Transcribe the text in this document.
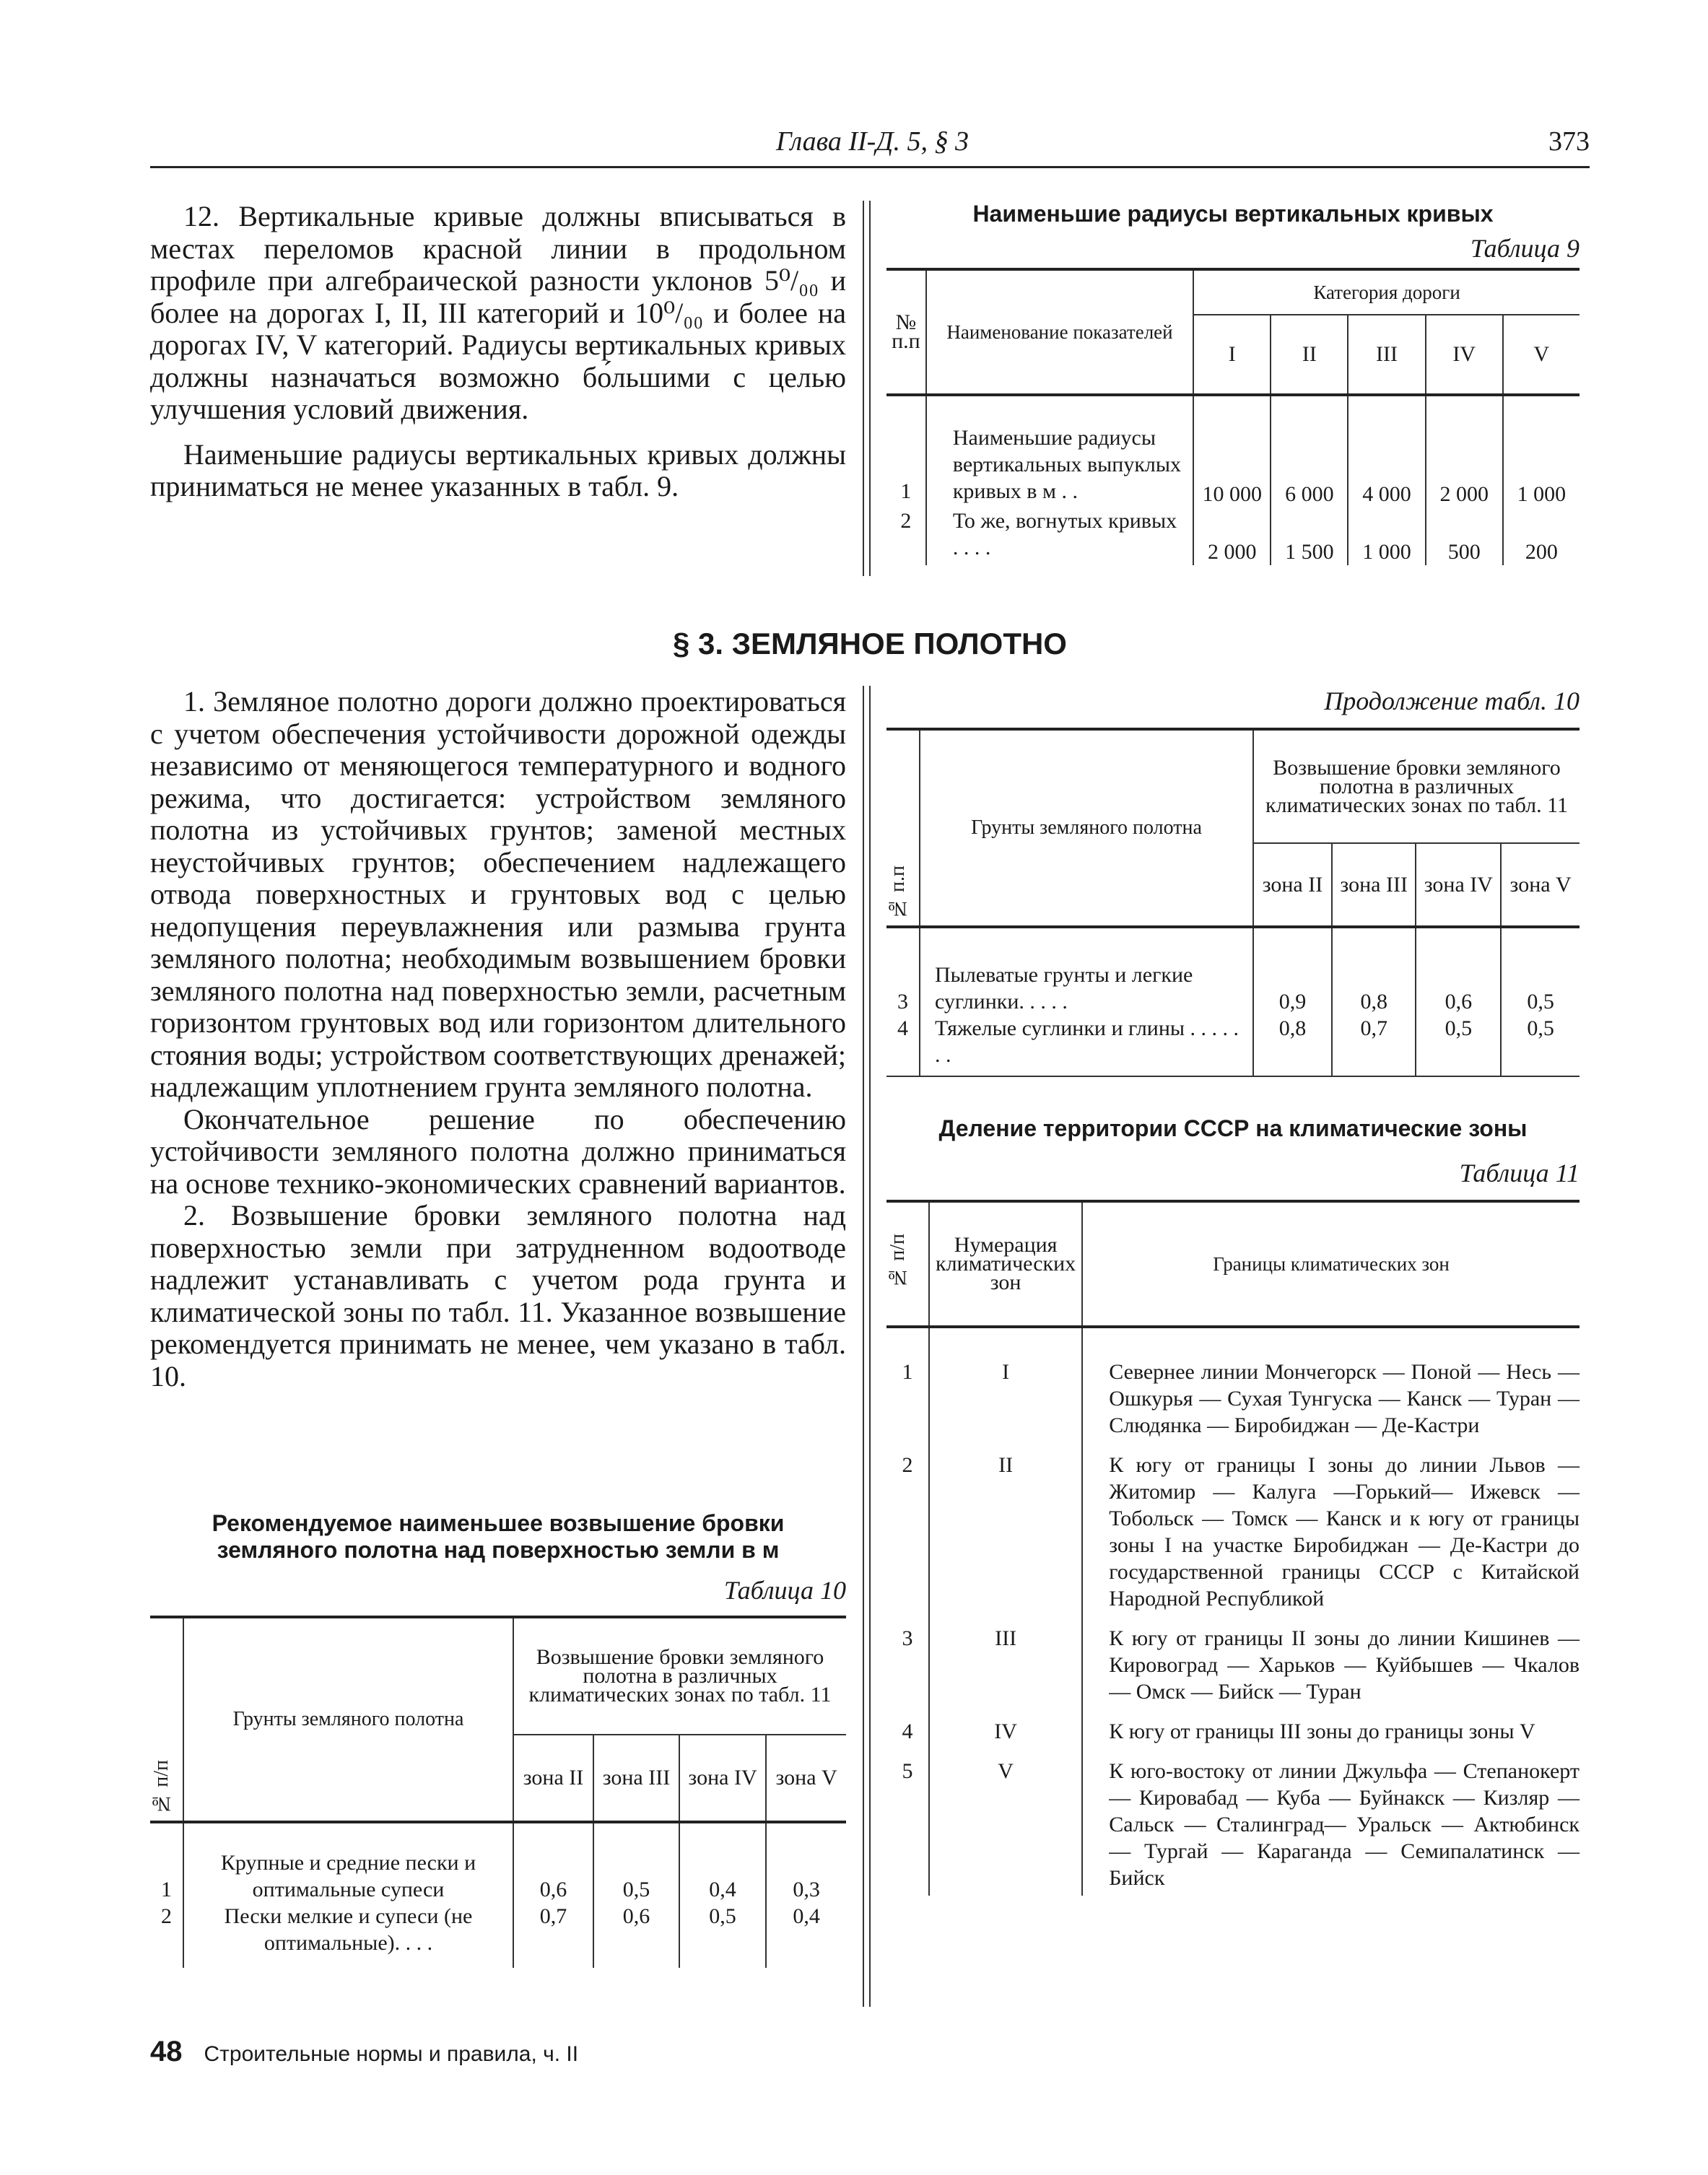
Глава II-Д. 5, § 3	373

12. Вертикальные кривые должны вписываться в местах переломов красной линии в продольном профиле при алгебраической разности уклонов 5⁰/₀₀ и более на дорогах I, II, III категорий и 10⁰/₀₀ и более на дорогах IV, V категорий. Радиусы вертикальных кривых должны назначаться возможно бо́льшими с целью улучшения условий движения.

Наименьшие радиусы вертикальных кривых должны приниматься не менее указанных в табл. 9.

Наименьшие радиусы вертикальных кривых
Таблица 9
№ п.п	Наименование показателей	Категория дороги				
		I	II	III	IV	V
1	Наименьшие радиусы вертикальных выпуклых кривых в м . .	10 000	6 000	4 000	2 000	1 000
2	То же, вогнутых кривых . . . .	2 000	1 500	1 000	500	200
§ 3. ЗЕМЛЯНОЕ ПОЛОТНО

1. Земляное полотно дороги должно проектироваться с учетом обеспечения устойчивости дорожной одежды независимо от меняющегося температурного и водного режима, что достигается: устройством земляного полотна из устойчивых грунтов; заменой местных неустойчивых грунтов; обеспечением надлежащего отвода поверхностных и грунтовых вод с целью недопущения переувлажнения или размыва грунта земляного полотна; необходимым возвышением бровки земляного полотна над поверхностью земли, расчетным горизонтом грунтовых вод или горизонтом длительного стояния воды; устройством соответствующих дренажей; надлежащим уплотнением грунта земляного полотна.

Окончательное решение по обеспечению устойчивости земляного полотна должно приниматься на основе технико-экономических сравнений вариантов.

2. Возвышение бровки земляного полотна над поверхностью земли при затрудненном водоотводе надлежит устанавливать с учетом рода грунта и климатической зоны по табл. 11. Указанное возвышение рекомендуется принимать не менее, чем указано в табл. 10.

Рекомендуемое наименьшее возвышение бровки земляного полотна над поверхностью земли в м
Таблица 10
№ п/п	Грунты земляного полотна	Возвышение бровки земляного полотна в различных климатических зонах по табл. 11			
		зона II	зона III	зона IV	зона V
1	Крупные и средние пески и оптимальные супеси	0,6	0,5	0,4	0,3
2	Пески мелкие и супеси (не оптимальные). . . .	0,7	0,6	0,5	0,4
Продолжение табл. 10
№ п.п	Грунты земляного полотна	Возвышение бровки земляного полотна в различных климатических зонах по табл. 11			
		зона II	зона III	зона IV	зона V
3	Пылеватые грунты и легкие суглинки. . . . .	0,9	0,8	0,6	0,5
4	Тяжелые суглинки и глины . . . . . . .	0,8	0,7	0,5	0,5
Деление территории СССР на климатические зоны
Таблица 11
№ п/п	Нумерация климатических зон	Границы климатических зон
1	I	Севернее линии Мончегорск — Поной — Несь — Ошкурья — Сухая Тунгуска — Канск — Туран — Слюдянка — Биробиджан — Де-Кастри
2	II	К югу от границы I зоны до линии Львов — Житомир — Калуга —Горький— Ижевск — Тобольск — Томск — Канск и к югу от границы зоны I на участке Биробиджан — Де-Кастри до государственной границы СССР с Китайской Народной Республикой
3	III	К югу от границы II зоны до линии Кишинев — Кировоград — Харьков — Куйбышев — Чкалов — Омск — Бийск — Туран
4	IV	К югу от границы III зоны до границы зоны V
5	V	К юго-востоку от линии Джульфа — Степанокерт — Кировабад — Куба — Буйнакск — Кизляр — Сальск — Сталинград— Уральск — Актюбинск — Тургай — Караганда — Семипалатинск — Бийск
48 Строительные нормы и правила, ч. II
